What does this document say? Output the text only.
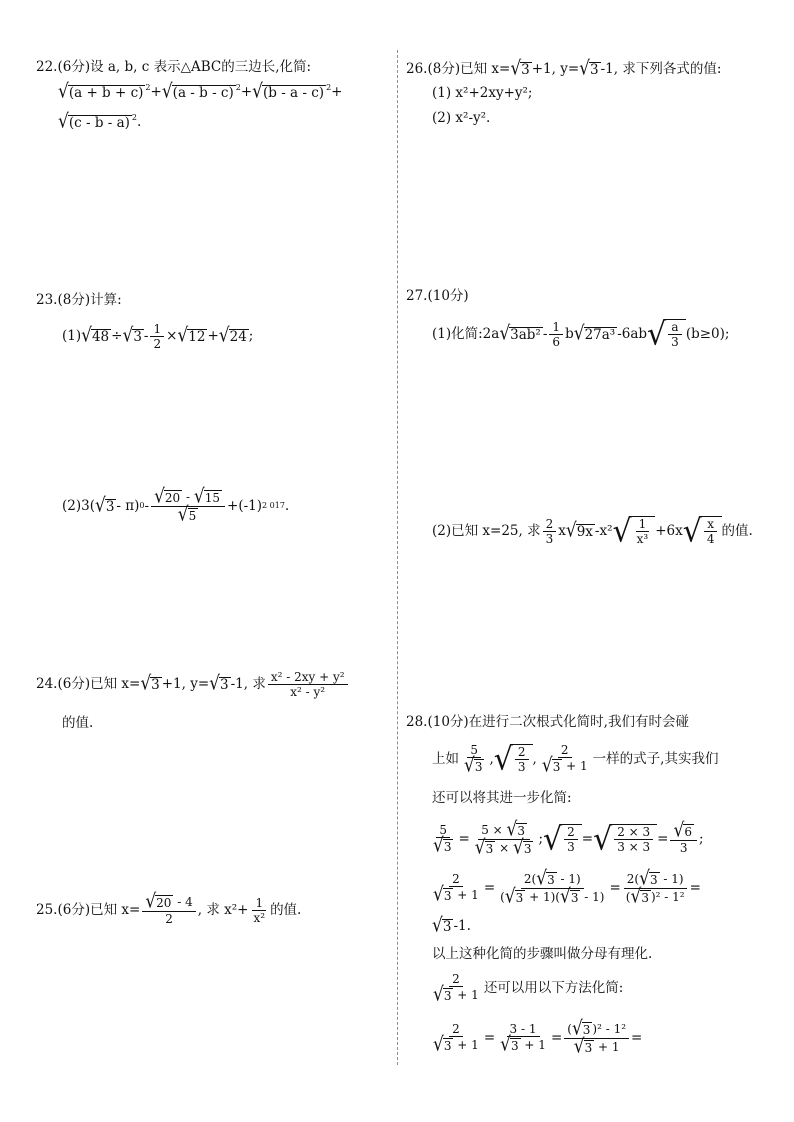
22.(6分)设 a, b, c 表示△ABC的三边长,化简:
√ (a + b + c) $^2$+ √ (a - b - c) $^2$+ √ (b - a - c) $^2$+
√ (c - b - a) $^2$.
23.(8分)计算:
(1) √ 48 ÷ √ $3 - \frac{1}{2}$ × √ 12 + √ 24 ;
(2)3( √ 3 - π) $0 - \frac{√ 20 - √ 15}{√ 5} +(-1)$ 2 017 .
24.(6分)已知 x= √ 3 +1, y= √ 3 -1, 求 $\frac{\text{x² - 2xy + y²}}{\text{x² - y²}}$
的值.
25.(6分)已知 $x= \frac{√ 20 - 4}{2}$ , 求 $x^2+ \frac{1}{\text{x²}}$ 的值.
26.(8分)已知 x= √ 3 +1, y= √ 3 -1, 求下列各式的值:
(1) x²+2xy+y²;
(2) x²-y².
27.(10分)
(1)化简:2a √ $3ab^2 - \frac{1}{6}$ b √ 27a³ -6ab √ $\frac{a}{3} (b\ge 0)$;
(2)已知 x=25, 求 $\frac{2}{3}$ x √ 9x -x² √ $\frac{1}{\text{x³}} +6x$ √ $\frac{x}{4}$ 的值.
28.(10分)在进行二次根式化简时,我们有时会碰
上如 $\frac{5}{√ 3}$ , √ $\frac{2}{3}$ , $\frac{2}{√ 3 + 1}$ 一样的式子,其实我们
还可以将其进一步化简:
$\frac{5}{√ 3} = \frac{5 \times √ 3}{√ 3 \times √ 3}$ ; √ $\frac{2}{3}$ = √ $\frac{2 \times 3}{3 \times 3} = \frac{√ 6}{3}$ ;
$\frac{2}{√ 3 + 1} = \frac{2( √ 3 - 1)}{( √ 3 + 1)( √ 3 - 1)} = \frac{2( √ 3 - 1)}{\text{( √ 3 )² - 1²}}$ =
√ 3 -1.
以上这种化简的步骤叫做分母有理化.
$\frac{2}{√ 3 + 1}$ 还可以用以下方法化简:
$\frac{2}{√ 3 + 1} = \frac{3 - 1}{√ 3 + 1} = \frac{\text{( √ 3 )² - 1²}}{√ 3 + 1}$ =
